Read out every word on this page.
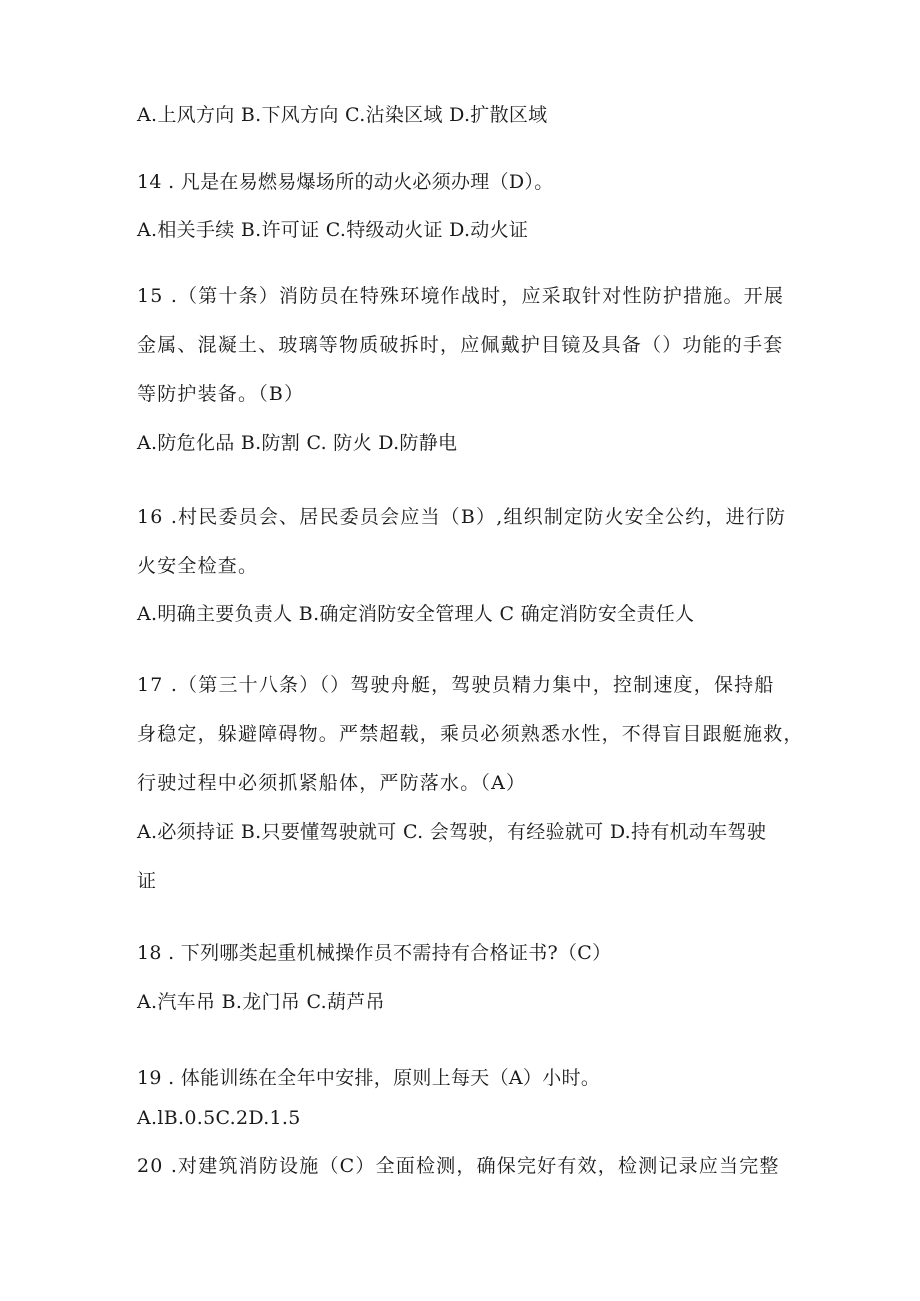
A.上风方向 B.下风方向 C.沾染区域 D.扩散区域
14 . 凡是在易燃易爆场所的动火必须办理（D）。
A.相关手续 B.许可证 C.特级动火证 D.动火证
15 .（第十条）消防员在特殊环境作战时，应采取针对性防护措施。开展
金属、混凝土、玻璃等物质破拆时，应佩戴护目镜及具备（）功能的手套
等防护装备。（B）
A.防危化品 B.防割 C. 防火 D.防静电
16 .村民委员会、居民委员会应当（B）,组织制定防火安全公约，进行防
火安全检查。
A.明确主要负责人 B.确定消防安全管理人 C 确定消防安全责任人
17 .（第三十八条）（）驾驶舟艇，驾驶员精力集中，控制速度，保持船
身稳定，躲避障碍物。严禁超载，乘员必须熟悉水性，不得盲目跟艇施救，
行驶过程中必须抓紧船体，严防落水。（A）
A.必须持证 B.只要懂驾驶就可 C. 会驾驶，有经验就可 D.持有机动车驾驶
证
18 . 下列哪类起重机械操作员不需持有合格证书?（C）
A.汽车吊 B.龙门吊 C.葫芦吊
19 . 体能训练在全年中安排，原则上每天（A）小时。
A.lB.0.5C.2D.1.5
20 .对建筑消防设施（C）全面检测，确保完好有效，检测记录应当完整
